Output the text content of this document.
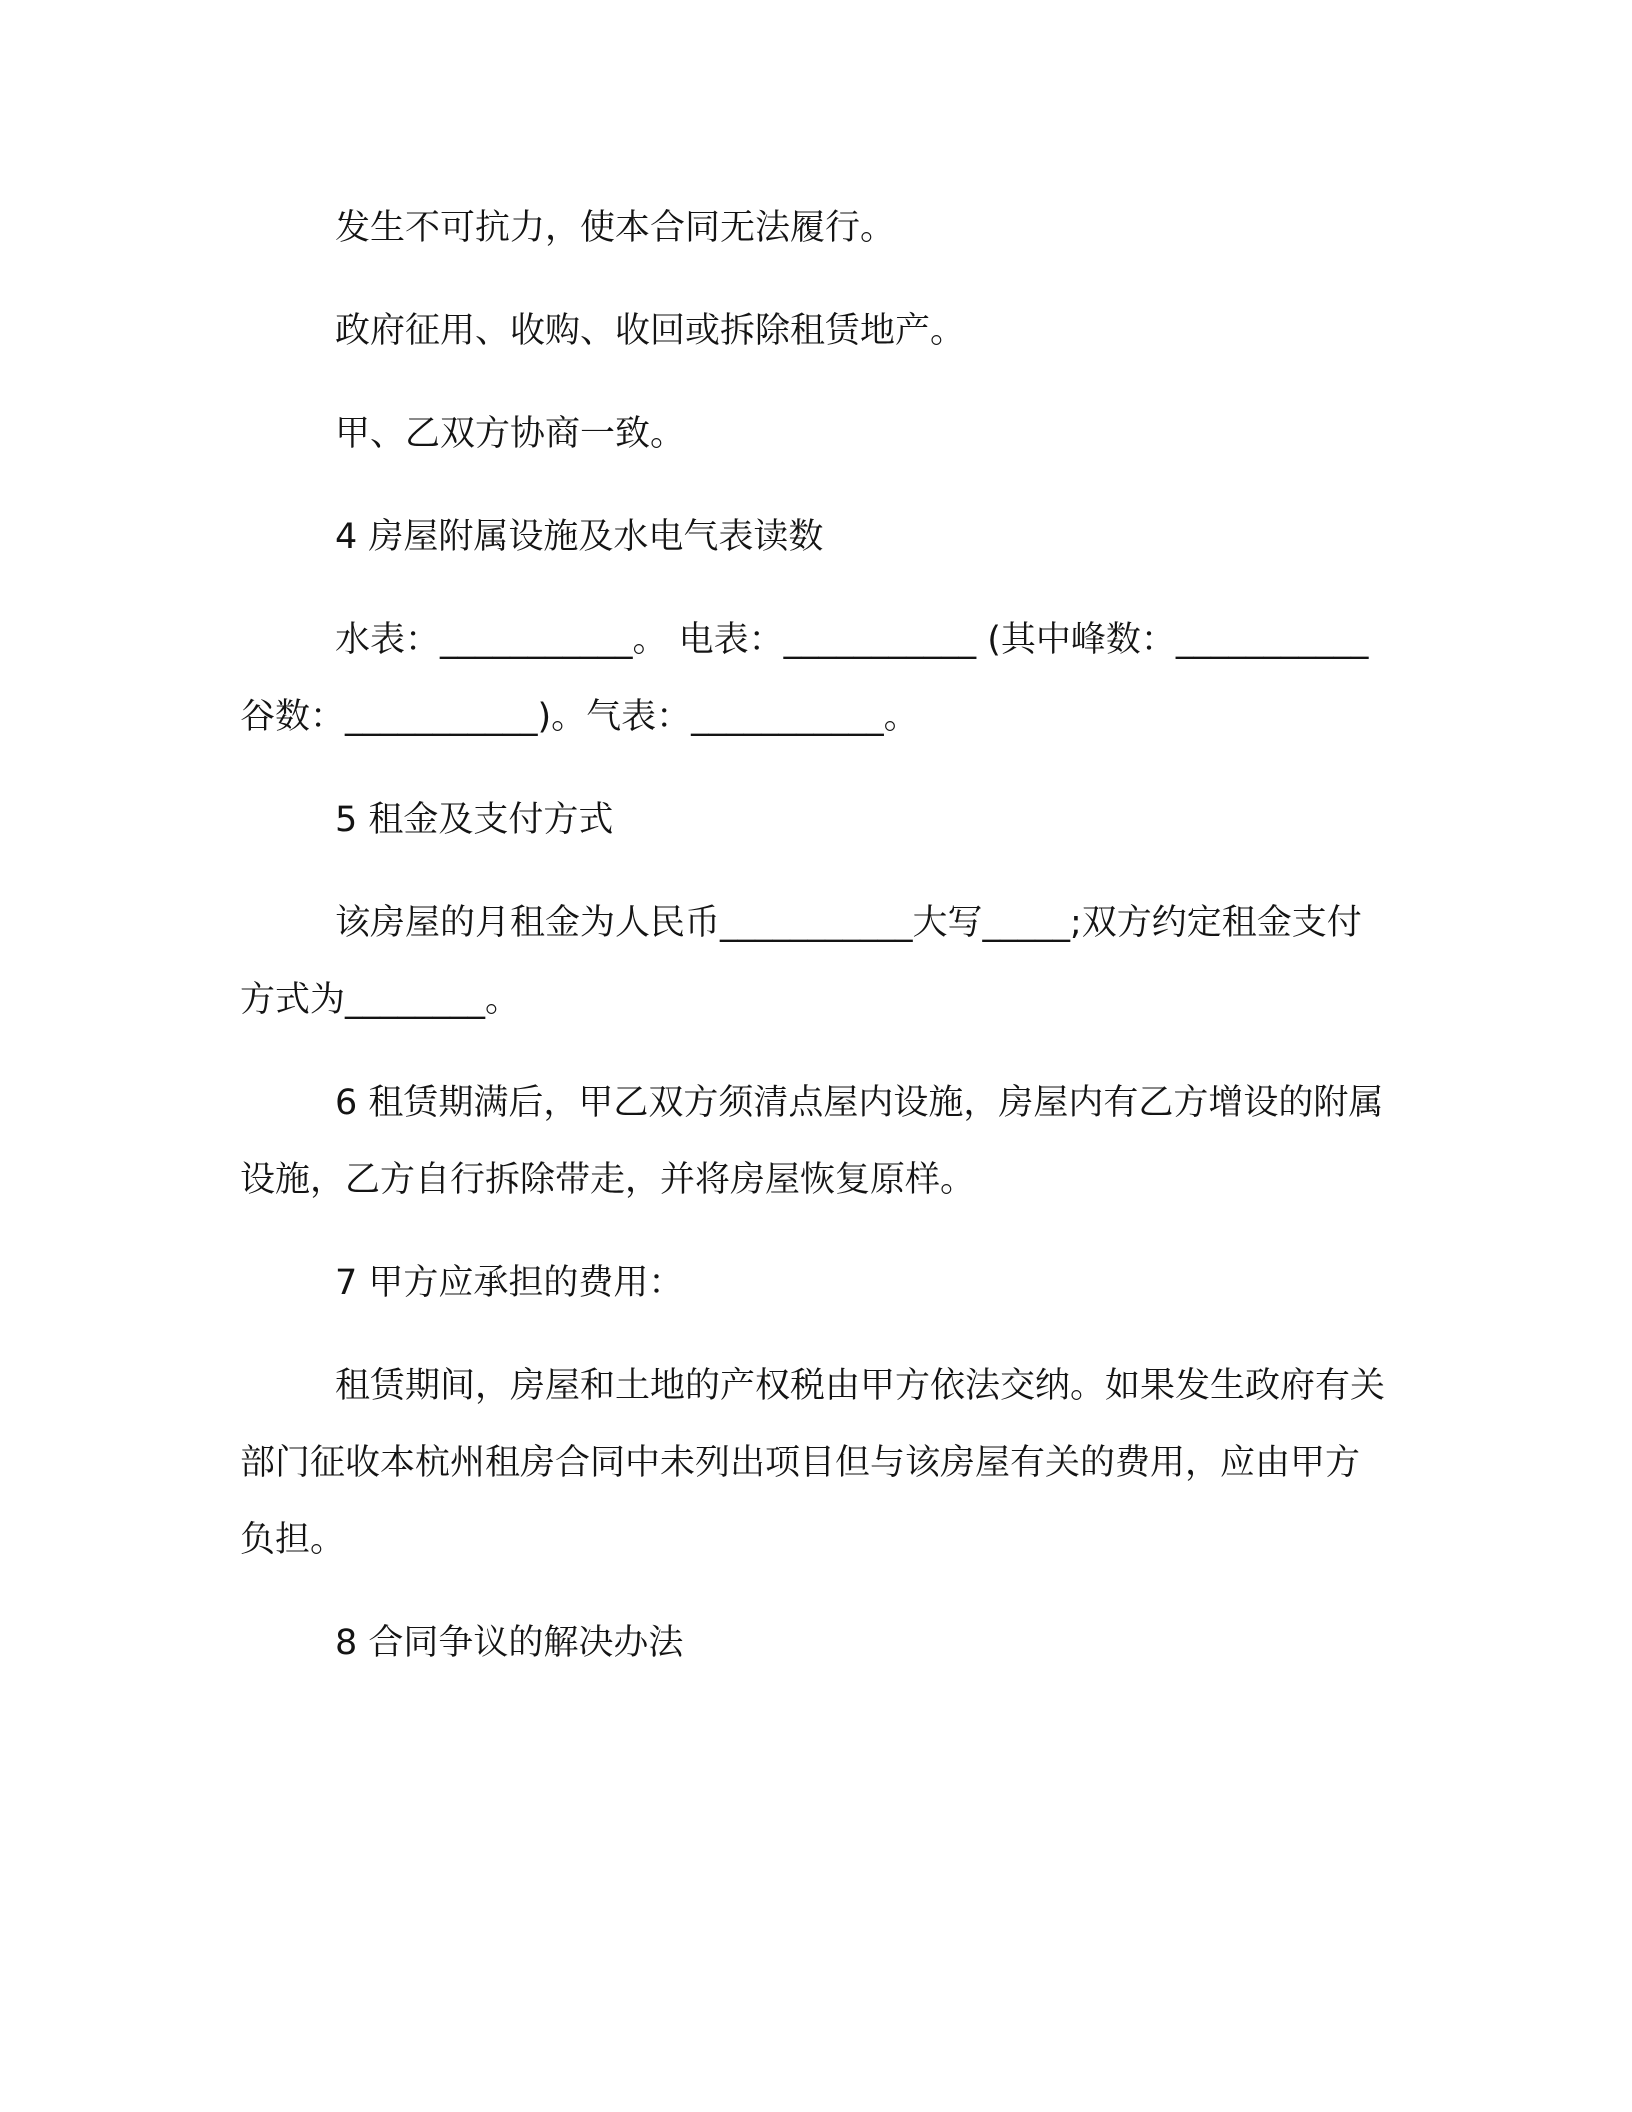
发生不可抗力，使本合同无法履行。

政府征用、收购、收回或拆除租赁地产。

甲、乙双方协商一致。

4 房屋附属设施及水电气表读数

水表：___________。 电表：___________ (其中峰数：___________谷数：___________)。气表：___________。

5 租金及支付方式

该房屋的月租金为人民币___________大写_____;双方约定租金支付方式为________。

6 租赁期满后，甲乙双方须清点屋内设施，房屋内有乙方增设的附属设施，乙方自行拆除带走，并将房屋恢复原样。

7 甲方应承担的费用：

租赁期间，房屋和土地的产权税由甲方依法交纳。如果发生政府有关部门征收本杭州租房合同中未列出项目但与该房屋有关的费用，应由甲方负担。

8 合同争议的解决办法
